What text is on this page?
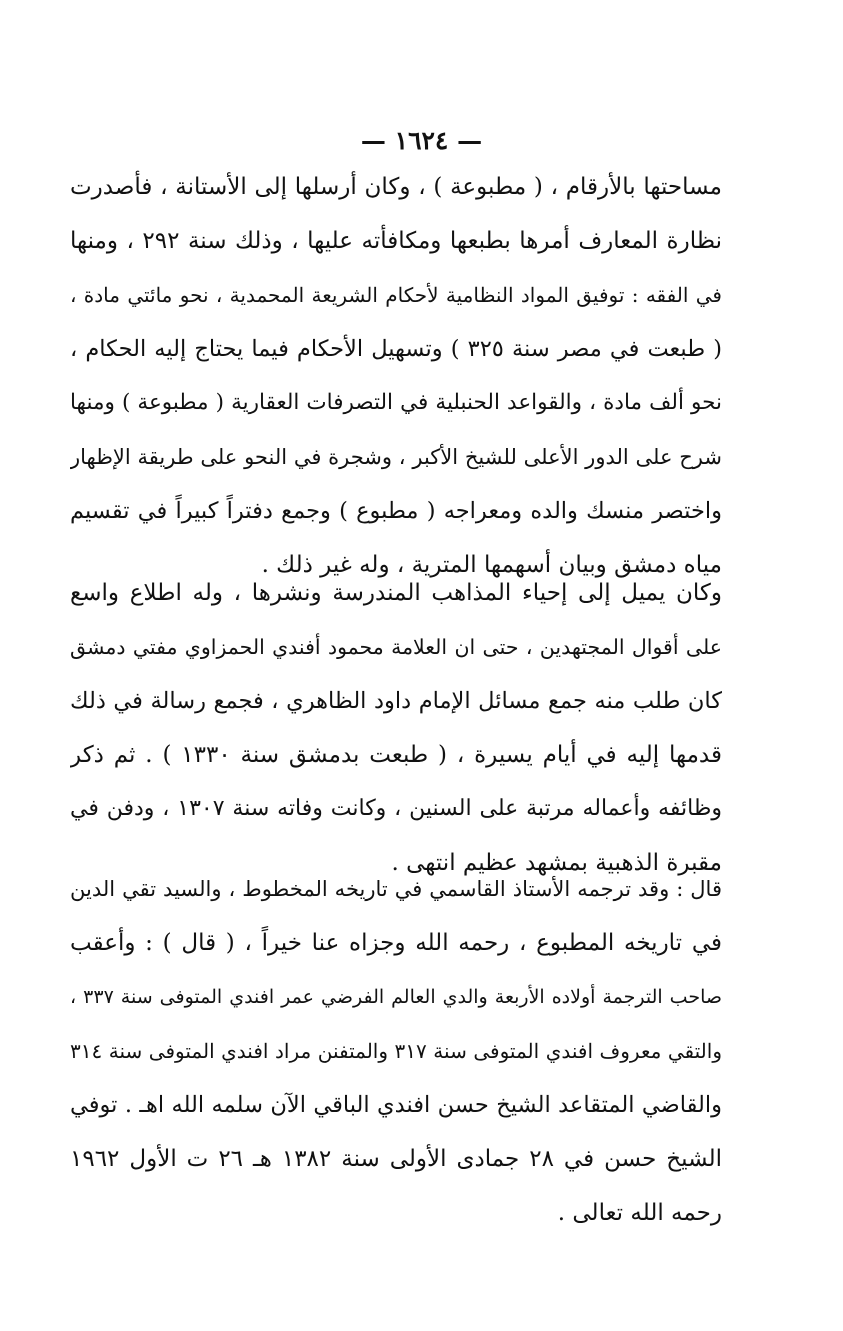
— ١٦٢٤ —
مساحتها بالأرقام ، ( مطبوعة ) ، وكان أرسلها إلى الأستانة ، فأصدرت
نظارة المعارف أمرها بطبعها ومكافأته عليها ، وذلك سنة ٢٩٢ ، ومنها
في الفقه : توفيق المواد النظامية لأحكام الشريعة المحمدية ، نحو مائتي مادة ،
( طبعت في مصر سنة ٣٢٥ ) وتسهيل الأحكام فيما يحتاج إليه الحكام ،
نحو ألف مادة ، والقواعد الحنبلية في التصرفات العقارية ( مطبوعة ) ومنها
شرح على الدور الأعلى للشيخ الأكبر ، وشجرة في النحو على طريقة الإظهار
واختصر منسك والده ومعراجه ( مطبوع ) وجمع دفتراً كبيراً في تقسيم
مياه دمشق وبيان أسهمها المترية ، وله غير ذلك .
وكان يميل إلى إحياء المذاهب المندرسة ونشرها ، وله اطلاع واسع
على أقوال المجتهدين ، حتى ان العلامة محمود أفندي الحمزاوي مفتي دمشق
كان طلب منه جمع مسائل الإمام داود الظاهري ، فجمع رسالة في ذلك
قدمها إليه في أيام يسيرة ، ( طبعت بدمشق سنة ١٣٣٠ ) . ثم ذكر
وظائفه وأعماله مرتبة على السنين ، وكانت وفاته سنة ١٣٠٧ ، ودفن في
مقبرة الذهبية بمشهد عظيم انتهى .
قال : وقد ترجمه الأستاذ القاسمي في تاريخه المخطوط ، والسيد تقي الدين
في تاريخه المطبوع ، رحمه الله وجزاه عنا خيراً ، ( قال ) : وأعقب
صاحب الترجمة أولاده الأربعة والدي العالم الفرضي عمر افندي المتوفى سنة ٣٣٧ ،
والتقي معروف افندي المتوفى سنة ٣١٧ والمتفنن مراد افندي المتوفى سنة ٣١٤
والقاضي المتقاعد الشيخ حسن افندي الباقي الآن سلمه الله اهـ . توفي
الشيخ حسن في ٢٨ جمادى الأولى سنة ١٣٨٢ هـ ٢٦ ت الأول ١٩٦٢
رحمه الله تعالى .
